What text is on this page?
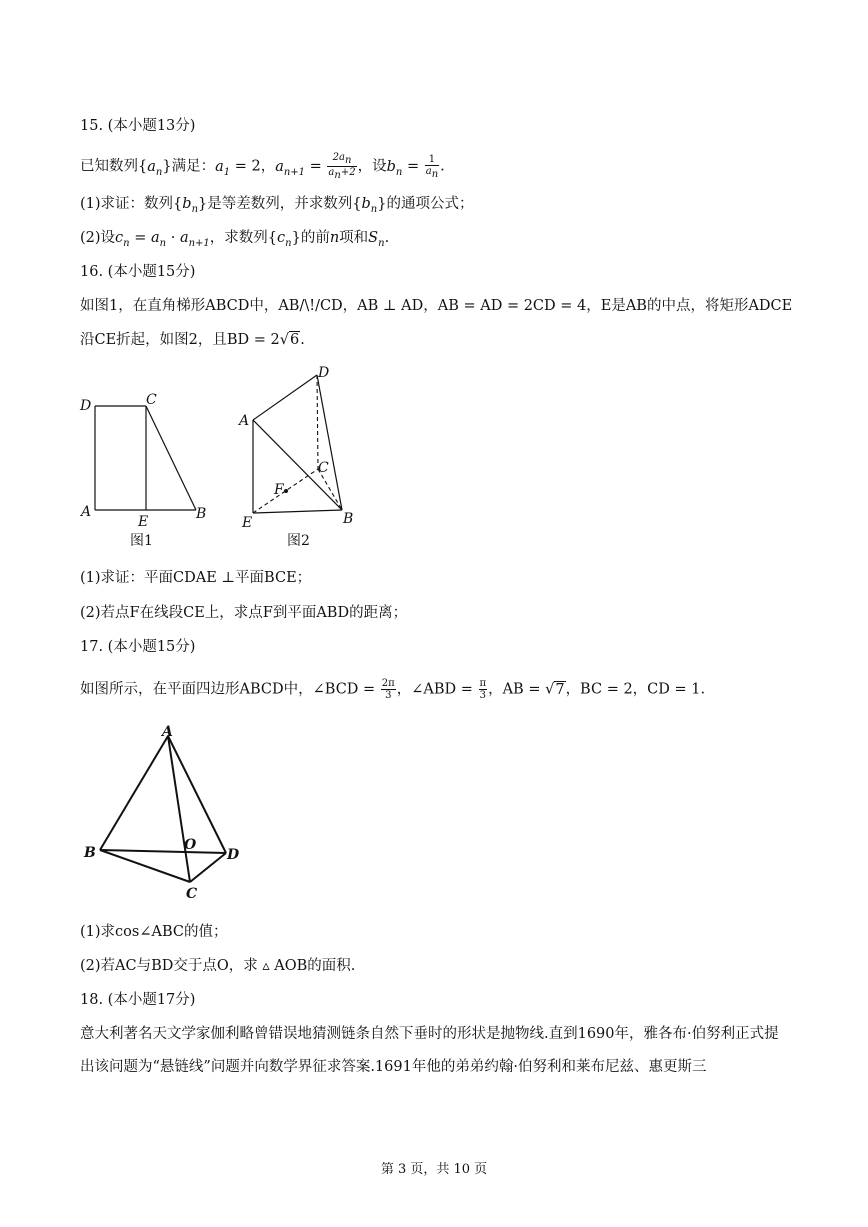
15. (本小题13分)
已知数列$\{a_n\}$满足：$a_1 = 2$，$a_{n+1} = \frac{2a_n}{a_n+2}$ ，设$b_n = \frac{1}{a_n}$ .
(1)求证：数列$\{b_n\}$是等差数列，并求数列$\{b_n\}$的通项公式；
(2)设$c_n = a_n \cdot a_{n+1}$，求数列$\{c_n\}$的前n项和$S_n$.
16. (本小题15分)
如图1，在直角梯形ABCD中，AB/\!/CD，AB ⊥ AD，AB = AD = 2CD = 4，E是AB的中点，将矩形ADCE
沿CE折起，如图2，且BD = 2√6.
D	C
A
E	B
图1
D
A
C
F
E	B
图2
(1)求证：平面CDAE ⊥平面BCE；
(2)若点F在线段CE上，求点F到平面ABD的距离；
17. (本小题15分)
如图所示，在平面四边形ABCD中，∠BCD = $\frac{2\pi}{3}$ ，∠ABD = $\frac{\pi}{3}$ ，AB = √7，BC = 2，CD = 1.
A
B	O
D
C
(1)求cos∠ABC的值；
(2)若AC与BD交于点O，求 ▵ AOB的面积.
18. (本小题17分)
意大利著名天文学家伽利略曾错误地猜测链条自然下垂时的形状是抛物线.直到1690年，雅各布·伯努利正式提出该问题为“悬链线”问题并向数学界征求答案.1691年他的弟弟约翰·伯努利和莱布尼兹、惠更斯三
第 3 页，共 10 页
